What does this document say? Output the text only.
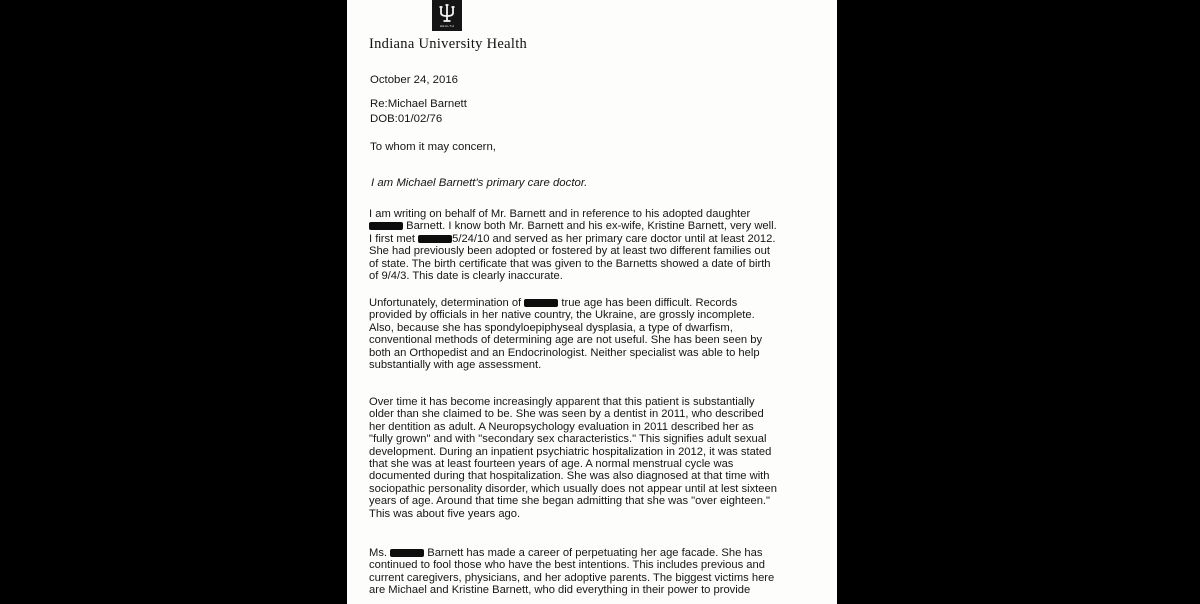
HEALTH
Indiana University Health
October 24, 2016
Re:Michael Barnett
DOB:01/02/76
To whom it may concern,
I am Michael Barnett's primary care doctor.
I am writing on behalf of Mr. Barnett and in reference to his adopted daughter
Barnett. I know both Mr. Barnett and his ex-wife, Kristine Barnett, very well.
I first met	5/24/10 and served as her primary care doctor until at least 2012.
She had previously been adopted or fostered by at least two different families out
of state. The birth certificate that was given to the Barnetts showed a date of birth
of 9/4/3. This date is clearly inaccurate.
Unfortunately, determination of	true age has been difficult. Records
provided by officials in her native country, the Ukraine, are grossly incomplete.
Also, because she has spondyloepiphyseal dysplasia, a type of dwarfism,
conventional methods of determining age are not useful. She has been seen by
both an Orthopedist and an Endocrinologist. Neither specialist was able to help
substantially with age assessment.
Over time it has become increasingly apparent that this patient is substantially
older than she claimed to be. She was seen by a dentist in 2011, who described
her dentition as adult. A Neuropsychology evaluation in 2011 described her as
"fully grown" and with "secondary sex characteristics." This signifies adult sexual
development. During an inpatient psychiatric hospitalization in 2012, it was stated
that she was at least fourteen years of age. A normal menstrual cycle was
documented during that hospitalization. She was also diagnosed at that time with
sociopathic personality disorder, which usually does not appear until at lest sixteen
years of age. Around that time she began admitting that she was "over eighteen."
This was about five years ago.
Ms.	Barnett has made a career of perpetuating her age facade. She has
continued to fool those who have the best intentions. This includes previous and
current caregivers, physicians, and her adoptive parents. The biggest victims here
are Michael and Kristine Barnett, who did everything in their power to provide
